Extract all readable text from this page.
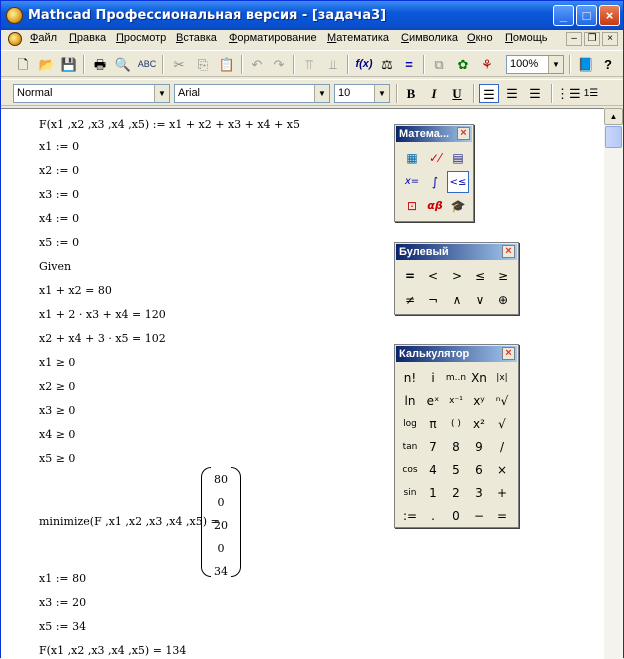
Mathcad Профессиональная версия - [задача3]	_	□	×
Файл Правка Просмотр Вставка Форматирование Математика Символика Окно Помощь	–	❐	×
🗋 📂 💾 🖶 🔍 ABC	✂	⎘ 📋	↶ ↷	⫪	⫫	f(x) ⚖ =	⧉	✿ ⚘	100%	▼ 📘 ?
Normal	▼	Arial	▼	10	▼	B	I	U	☰ ☰ ☰	⋮☰ 1☰
F(x1 ,x2 ,x3 ,x4 ,x5) := x1 + x2 + x3 + x4 + x5
x1 := 0
x2 := 0
x3 := 0
x4 := 0
x5 := 0
Given
x1 + x2 = 80
x1 + 2 · x3 + x4 = 120
x2 + x4 + 3 · x5 = 102
x1 ≥ 0
x2 ≥ 0
x3 ≥ 0
x4 ≥ 0
x5 ≥ 0
minimize(F ,x1 ,x2 ,x3 ,x4 ,x5) =
80
0
20
0
34
x1 := 80
x3 := 20
x5 := 34
F(x1 ,x2 ,x3 ,x4 ,x5) = 134
Матема...	×
▦ ✓⁄ ▤
x=	∫	<≤
⊡ αβ 🎓
Булевый	×
=	<	>	≤	≥
≠	¬	∧	∨	⊕
Калькулятор	×
n!	i	m..n Xn	|x|
ln eˣ	x⁻¹ xʸ ⁿ√
log	π	( )	x²	√
tan 7	8	9	/
cos 4	5	6	×
sin	1	2	3	+
:=	.	0	−	=
▲
